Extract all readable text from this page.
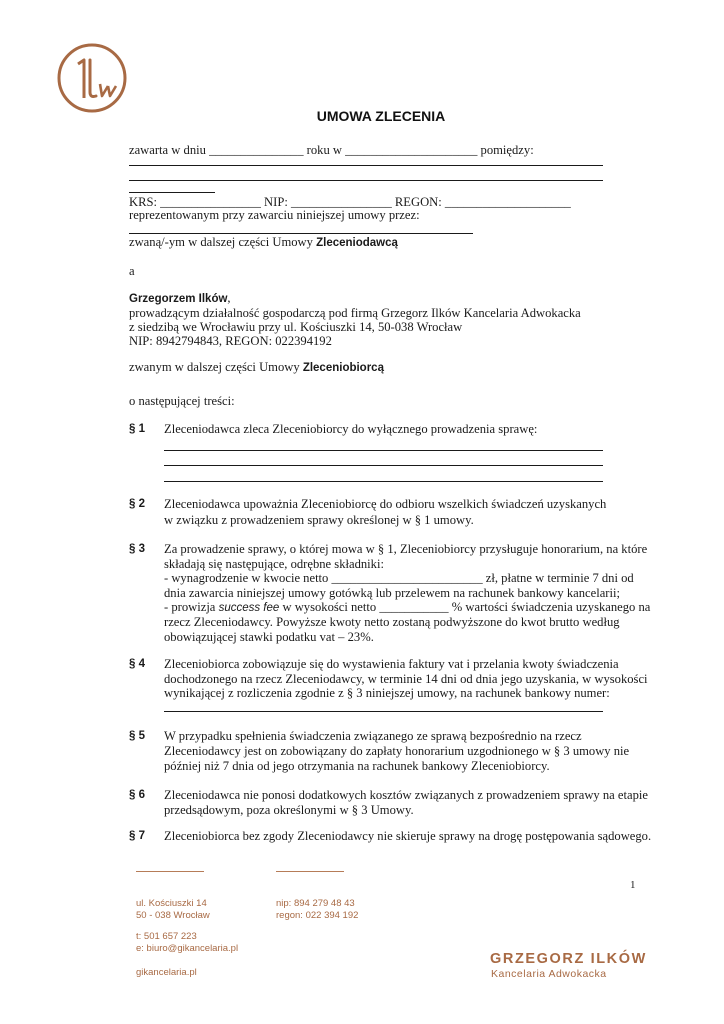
UMOWA ZLECENIA
zawarta w dniu _______________ roku w _____________________ pomiędzy:
KRS: ________________ NIP: ________________ REGON: ____________________
reprezentowanym przy zawarciu niniejszej umowy przez:
zwaną/-ym w dalszej części Umowy Zleceniodawcą
a
Grzegorzem Ilków,
prowadzącym działalność gospodarczą pod firmą Grzegorz Ilków Kancelaria Adwokacka
z siedzibą we Wrocławiu przy ul. Kościuszki 14, 50-038 Wrocław
NIP: 8942794843, REGON: 022394192
zwanym w dalszej części Umowy Zleceniobiorcą
o następującej treści:
§ 1 Zleceniodawca zleca Zleceniobiorcy do wyłącznego prowadzenia sprawę:
§ 2 Zleceniodawca upoważnia Zleceniobiorcę do odbioru wszelkich świadczeń uzyskanych
w związku z prowadzeniem sprawy określonej w § 1 umowy.
§ 3 Za prowadzenie sprawy, o której mowa w § 1, Zleceniobiorcy przysługuje honorarium, na które
składają się następujące, odrębne składniki:
- wynagrodzenie w kwocie netto ________________________ zł, płatne w terminie 7 dni od
dnia zawarcia niniejszej umowy gotówką lub przelewem na rachunek bankowy kancelarii;
- prowizja success fee w wysokości netto ___________ % wartości świadczenia uzyskanego na
rzecz Zleceniodawcy. Powyższe kwoty netto zostaną podwyższone do kwot brutto według
obowiązującej stawki podatku vat – 23%.
§ 4 Zleceniobiorca zobowiązuje się do wystawienia faktury vat i przelania kwoty świadczenia
dochodzonego na rzecz Zleceniodawcy, w terminie 14 dni od dnia jego uzyskania, w wysokości
wynikającej z rozliczenia zgodnie z § 3 niniejszej umowy, na rachunek bankowy numer:
§ 5 W przypadku spełnienia świadczenia związanego ze sprawą bezpośrednio na rzecz
Zleceniodawcy jest on zobowiązany do zapłaty honorarium uzgodnionego w § 3 umowy nie
później niż 7 dnia od jego otrzymania na rachunek bankowy Zleceniobiorcy.
§ 6 Zleceniodawca nie ponosi dodatkowych kosztów związanych z prowadzeniem sprawy na etapie
przedsądowym, poza określonymi w § 3 Umowy.
§ 7 Zleceniobiorca bez zgody Zleceniodawcy nie skieruje sprawy na drogę postępowania sądowego.
1
ul. Kościuszki 14
50 - 038 Wrocław
nip: 894 279 48 43
regon: 022 394 192
t: 501 657 223
e: biuro@gikancelaria.pl
gikancelaria.pl
GRZEGORZ ILKÓW
Kancelaria Adwokacka
